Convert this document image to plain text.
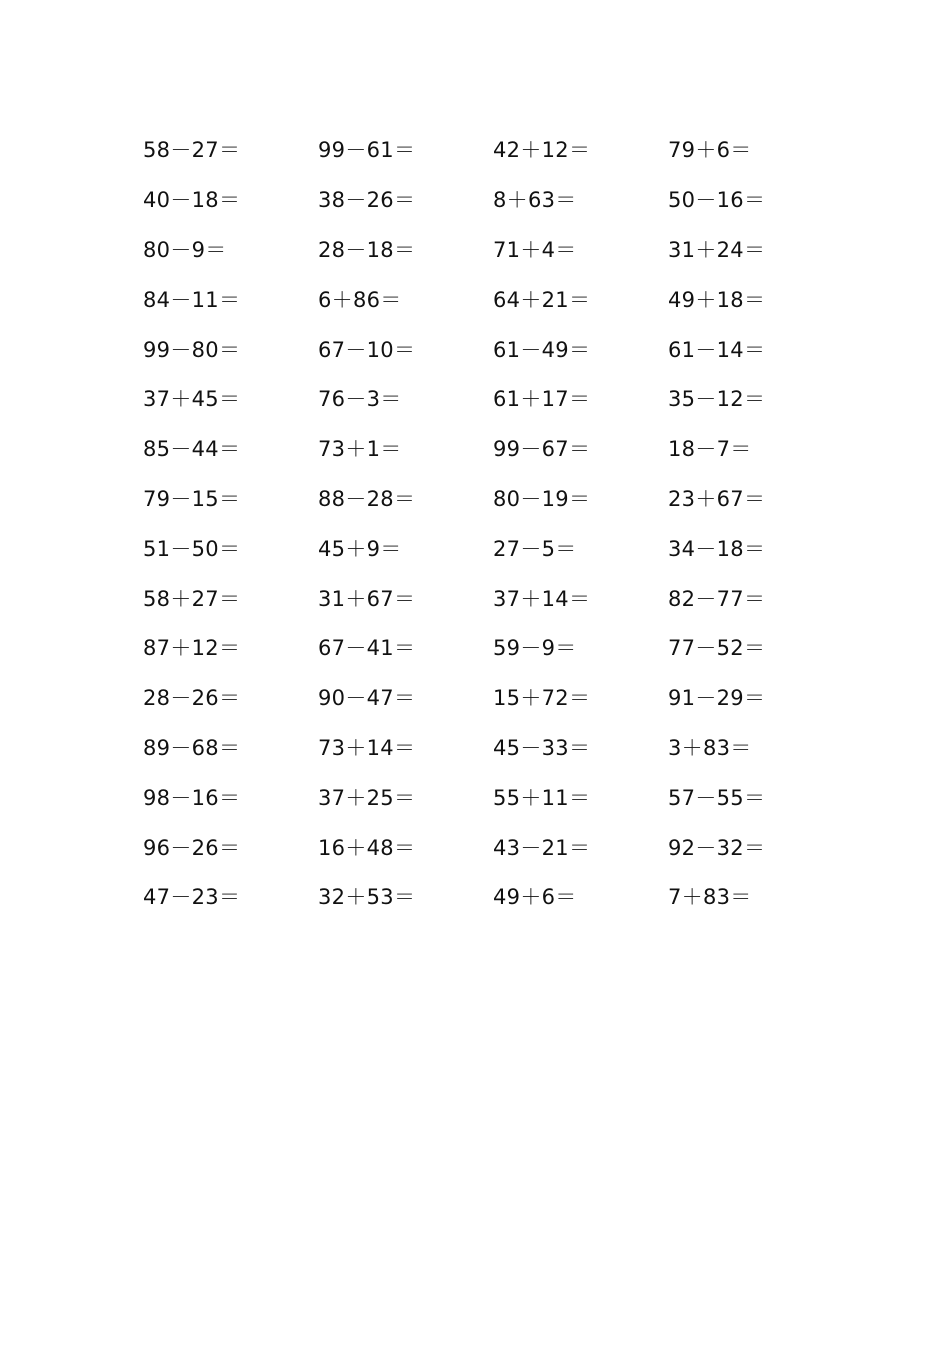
58－27＝	99－61＝	42＋12＝	79＋6＝
40－18＝	38－26＝	8＋63＝	50－16＝
80－9＝	28－18＝	71＋4＝	31＋24＝
84－11＝	6＋86＝	64＋21＝	49＋18＝
99－80＝	67－10＝	61－49＝	61－14＝
37＋45＝	76－3＝	61＋17＝	35－12＝
85－44＝	73＋1＝	99－67＝	18－7＝
79－15＝	88－28＝	80－19＝	23＋67＝
51－50＝	45＋9＝	27－5＝	34－18＝
58＋27＝	31＋67＝	37＋14＝	82－77＝
87＋12＝	67－41＝	59－9＝	77－52＝
28－26＝	90－47＝	15＋72＝	91－29＝
89－68＝	73＋14＝	45－33＝	3＋83＝
98－16＝	37＋25＝	55＋11＝	57－55＝
96－26＝	16＋48＝	43－21＝	92－32＝
47－23＝	32＋53＝	49＋6＝	7＋83＝
